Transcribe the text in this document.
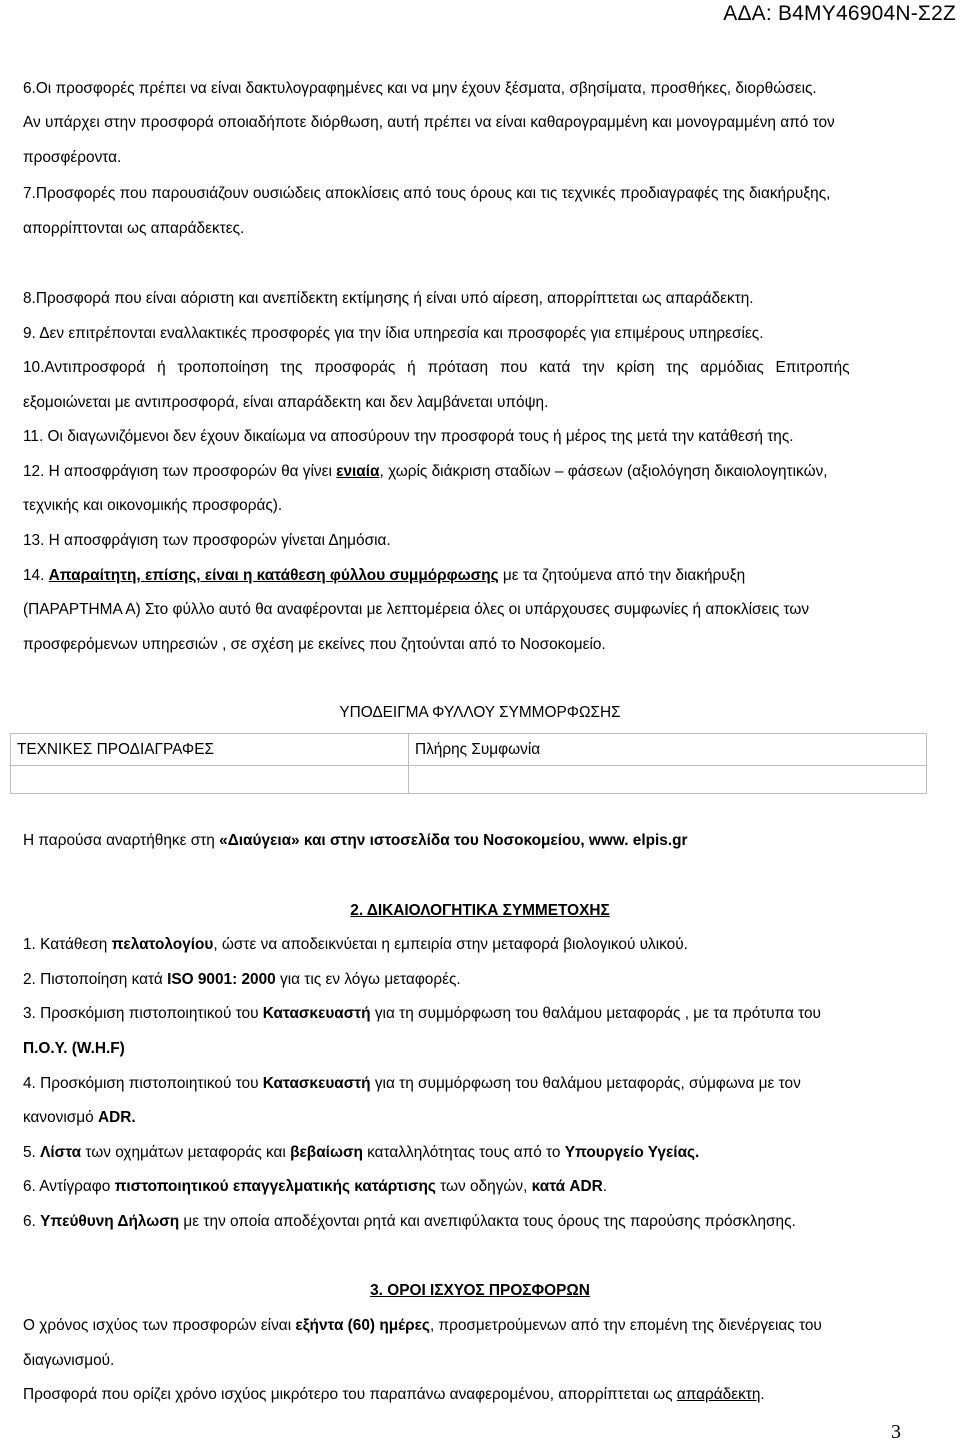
ΑΔΑ: Β4ΜΥ46904Ν-Σ2Ζ
6.Οι προσφορές πρέπει να είναι δακτυλογραφημένες και να μην έχουν ξέσματα, σβησίματα, προσθήκες, διορθώσεις.
Αν υπάρχει στην προσφορά οποιαδήποτε διόρθωση, αυτή πρέπει να είναι καθαρογραμμένη και μονογραμμένη από τον
προσφέροντα.
7.Προσφορές που παρουσιάζουν ουσιώδεις αποκλίσεις από τους όρους και τις τεχνικές προδιαγραφές της διακήρυξης,
απορρίπτονται ως απαράδεκτες.
8.Προσφορά που είναι αόριστη και ανεπίδεκτη εκτίμησης ή είναι υπό αίρεση, απορρίπτεται ως απαράδεκτη.
9. Δεν επιτρέπονται εναλλακτικές προσφορές για την ίδια υπηρεσία και προσφορές για επιμέρους υπηρεσίες.
10.Αντιπροσφορά ή τροποποίηση της προσφοράς ή πρόταση που κατά την κρίση της αρμόδιας Επιτροπής
εξομοιώνεται με αντιπροσφορά, είναι απαράδεκτη και δεν λαμβάνεται υπόψη.
11. Οι διαγωνιζόμενοι δεν έχουν δικαίωμα να αποσύρουν την προσφορά τους ή μέρος της μετά την κατάθεσή της.
12. Η αποσφράγιση των προσφορών θα γίνει ενιαία, χωρίς διάκριση σταδίων – φάσεων (αξιολόγηση δικαιολογητικών,
τεχνικής και οικονομικής προσφοράς).
13. Η αποσφράγιση των προσφορών γίνεται Δημόσια.
14. Απαραίτητη, επίσης, είναι η κατάθεση φύλλου συμμόρφωσης με τα ζητούμενα από την διακήρυξη
(ΠΑΡΑΡΤΗΜΑ Α) Στο φύλλο αυτό θα αναφέρονται με λεπτομέρεια όλες οι υπάρχουσες συμφωνίες ή αποκλίσεις των
προσφερόμενων υπηρεσιών , σε σχέση με εκείνες που ζητούνται από το Νοσοκομείο.
ΥΠΟΔΕΙΓΜΑ ΦΥΛΛΟΥ ΣΥΜΜΟΡΦΩΣΗΣ
ΤΕΧΝΙΚΕΣ ΠΡΟΔΙΑΓΡΑΦΕΣ	Πλήρης Συμφωνία

Η παρούσα αναρτήθηκε στη «Διαύγεια» και στην ιστοσελίδα του Νοσοκομείου, www. elpis.gr
2. ΔΙΚΑΙΟΛΟΓΗΤΙΚΑ ΣΥΜΜΕΤΟΧΗΣ
1. Κατάθεση πελατολογίου, ώστε να αποδεικνύεται η εμπειρία στην μεταφορά βιολογικού υλικού.
2. Πιστοποίηση κατά ISO 9001: 2000 για τις εν λόγω μεταφορές.
3. Προσκόμιση πιστοποιητικού του Κατασκευαστή για τη συμμόρφωση του θαλάμου μεταφοράς , με τα πρότυπα του
Π.Ο.Υ. (W.H.F)
4. Προσκόμιση πιστοποιητικού του Κατασκευαστή για τη συμμόρφωση του θαλάμου μεταφοράς, σύμφωνα με τον
κανονισμό ADR.
5. Λίστα των οχημάτων μεταφοράς και βεβαίωση καταλληλότητας τους από το Υπουργείο Υγείας.
6. Αντίγραφο πιστοποιητικού επαγγελματικής κατάρτισης των οδηγών, κατά ADR.
6. Υπεύθυνη Δήλωση με την οποία αποδέχονται ρητά και ανεπιφύλακτα τους όρους της παρούσης πρόσκλησης.
3. ΟΡΟΙ ΙΣΧΥΟΣ ΠΡΟΣΦΟΡΩΝ
Ο χρόνος ισχύος των προσφορών είναι εξήντα (60) ημέρες, προσμετρούμενων από την επομένη της διενέργειας του
διαγωνισμού.
Προσφορά που ορίζει χρόνο ισχύος μικρότερο του παραπάνω αναφερομένου, απορρίπτεται ως απαράδεκτη.
3
